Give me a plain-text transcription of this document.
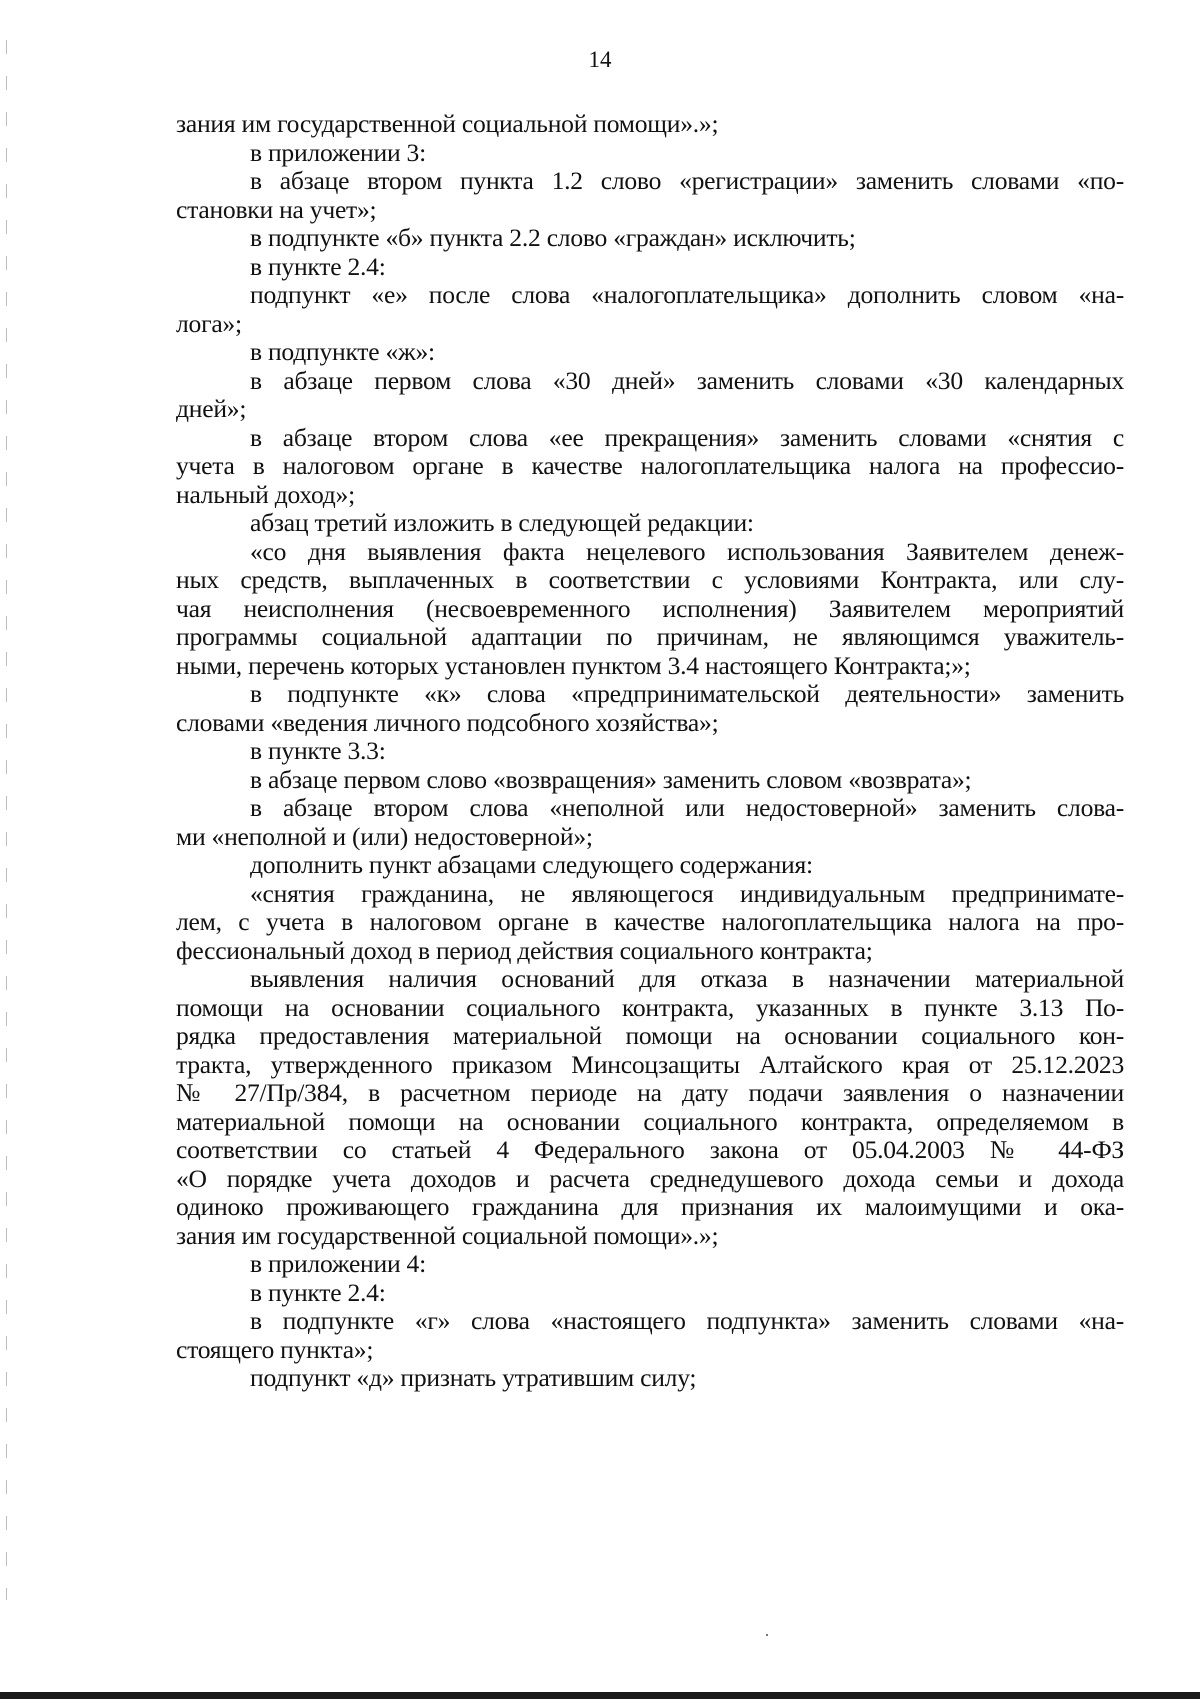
14
зания им государственной социальной помощи».»;
в приложении 3:
в абзаце втором пункта 1.2 слово «регистрации» заменить словами «по-
становки на учет»;
в подпункте «б» пункта 2.2 слово «граждан» исключить;
в пункте 2.4:
подпункт «е» после слова «налогоплательщика» дополнить словом «на-
лога»;
в подпункте «ж»:
в абзаце первом слова «30 дней» заменить словами «30 календарных
дней»;
в абзаце втором слова «ее прекращения» заменить словами «снятия с
учета в налоговом органе в качестве налогоплательщика налога на профессио-
нальный доход»;
абзац третий изложить в следующей редакции:
«со дня выявления факта нецелевого использования Заявителем денеж-
ных средств, выплаченных в соответствии с условиями Контракта, или слу-
чая неисполнения (несвоевременного исполнения) Заявителем мероприятий
программы социальной адаптации по причинам, не являющимся уважитель-
ными, перечень которых установлен пунктом 3.4 настоящего Контракта;»;
в подпункте «к» слова «предпринимательской деятельности» заменить
словами «ведения личного подсобного хозяйства»;
в пункте 3.3:
в абзаце первом слово «возвращения» заменить словом «возврата»;
в абзаце втором слова «неполной или недостоверной» заменить слова-
ми «неполной и (или) недостоверной»;
дополнить пункт абзацами следующего содержания:
«снятия гражданина, не являющегося индивидуальным предпринимате-
лем, с учета в налоговом органе в качестве налогоплательщика налога на про-
фессиональный доход в период действия социального контракта;
выявления наличия оснований для отказа в назначении материальной
помощи на основании социального контракта, указанных в пункте 3.13 По-
рядка предоставления материальной помощи на основании социального кон-
тракта, утвержденного приказом Минсоцзащиты Алтайского края от 25.12.2023
№ 27/Пр/384, в расчетном периоде на дату подачи заявления о назначении
материальной помощи на основании социального контракта, определяемом в
соответствии со статьей 4 Федерального закона от 05.04.2003 № 44-ФЗ
«О порядке учета доходов и расчета среднедушевого дохода семьи и дохода
одиноко проживающего гражданина для признания их малоимущими и ока-
зания им государственной социальной помощи».»;
в приложении 4:
в пункте 2.4:
в подпункте «г» слова «настоящего подпункта» заменить словами «на-
стоящего пункта»;
подпункт «д» признать утратившим силу;
